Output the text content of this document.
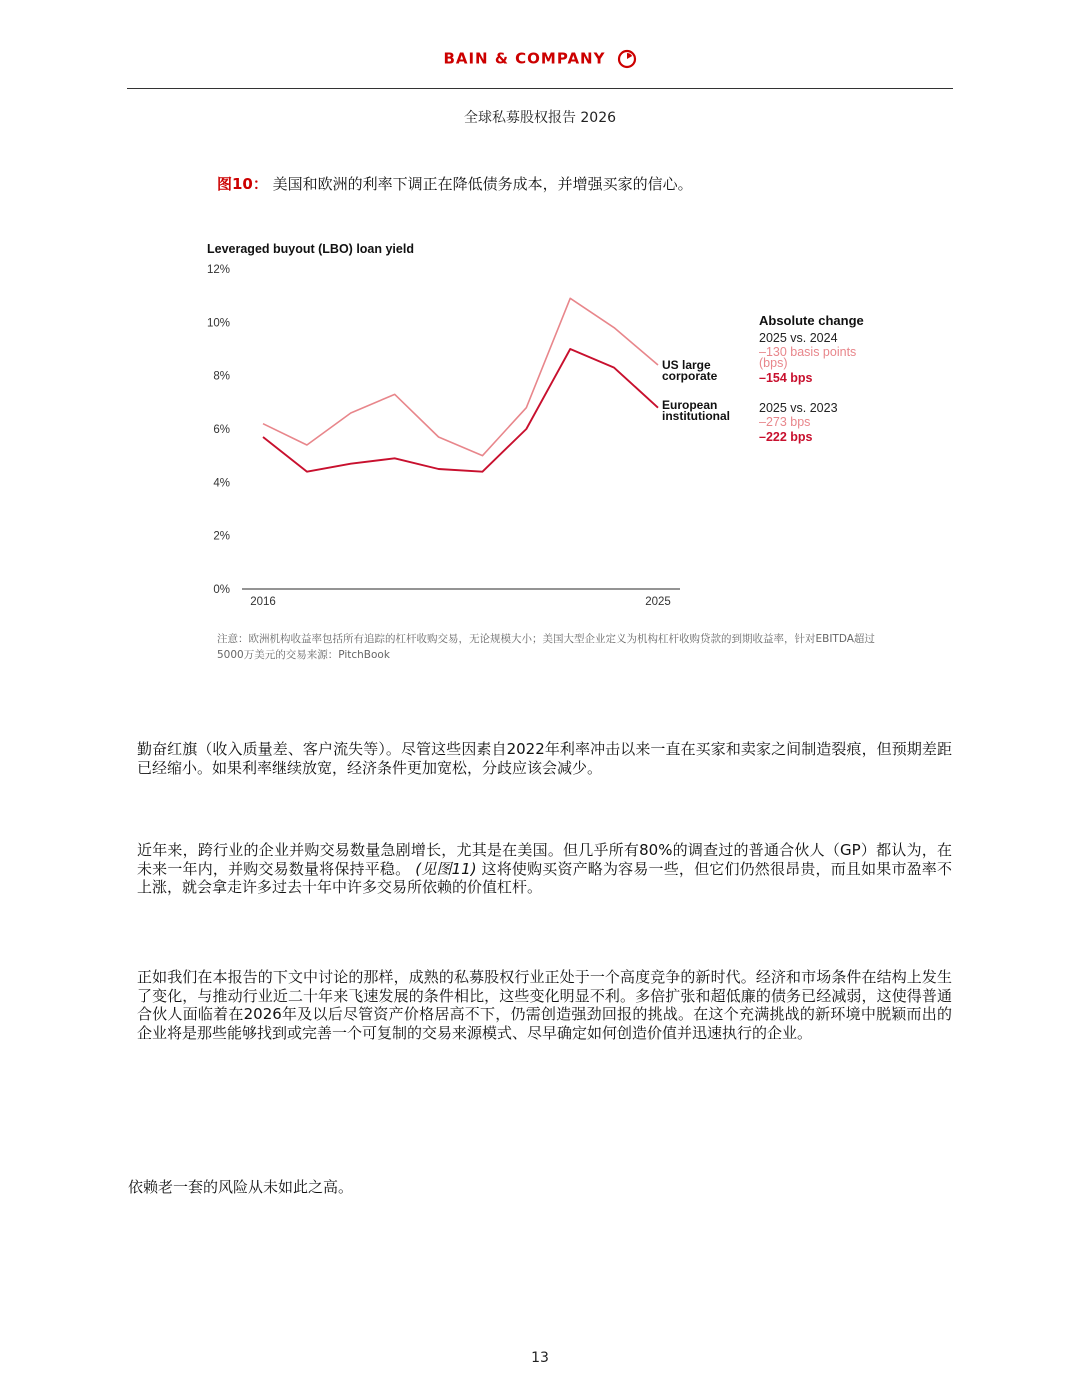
BAIN & COMPANY
全球私募股权报告 2026
图10： 美国和欧洲的利率下调正在降低债务成本，并增强买家的信心。
Leveraged buyout (LBO) loan yield
0%
2%
4%
6%
8%
10%
12%
2016	2025
US large
corporate
European
institutional
Absolute change
2025 vs. 2024
–130 basis points
(bps)
–154 bps
2025 vs. 2023
–273 bps
–222 bps
注意：欧洲机构收益率包括所有追踪的杠杆收购交易，无论规模大小；美国大型企业定义为机构杠杆收购贷款的到期收益率，针对EBITDA超过5000万美元的交易来源：PitchBook
勤奋红旗（收入质量差、客户流失等）。尽管这些因素自2022年利率冲击以来一直在买家和卖家之间制造裂痕，但预期差距已经缩小。如果利率继续放宽，经济条件更加宽松，分歧应该会减少。
近年来，跨行业的企业并购交易数量急剧增长，尤其是在美国。但几乎所有80%的调查过的普通合伙人（GP）都认为，在未来一年内，并购交易数量将保持平稳。 (见图11) 这将使购买资产略为容易一些，但它们仍然很昂贵，而且如果市盈率不上涨，就会拿走许多过去十年中许多交易所依赖的价值杠杆。
正如我们在本报告的下文中讨论的那样，成熟的私募股权行业正处于一个高度竞争的新时代。经济和市场条件在结构上发生了变化，与推动行业近二十年来飞速发展的条件相比，这些变化明显不利。多倍扩张和超低廉的债务已经减弱，这使得普通合伙人面临着在2026年及以后尽管资产价格居高不下，仍需创造强劲回报的挑战。在这个充满挑战的新环境中脱颖而出的企业将是那些能够找到或完善一个可复制的交易来源模式、尽早确定如何创造价值并迅速执行的企业。
依赖老一套的风险从未如此之高。
13
